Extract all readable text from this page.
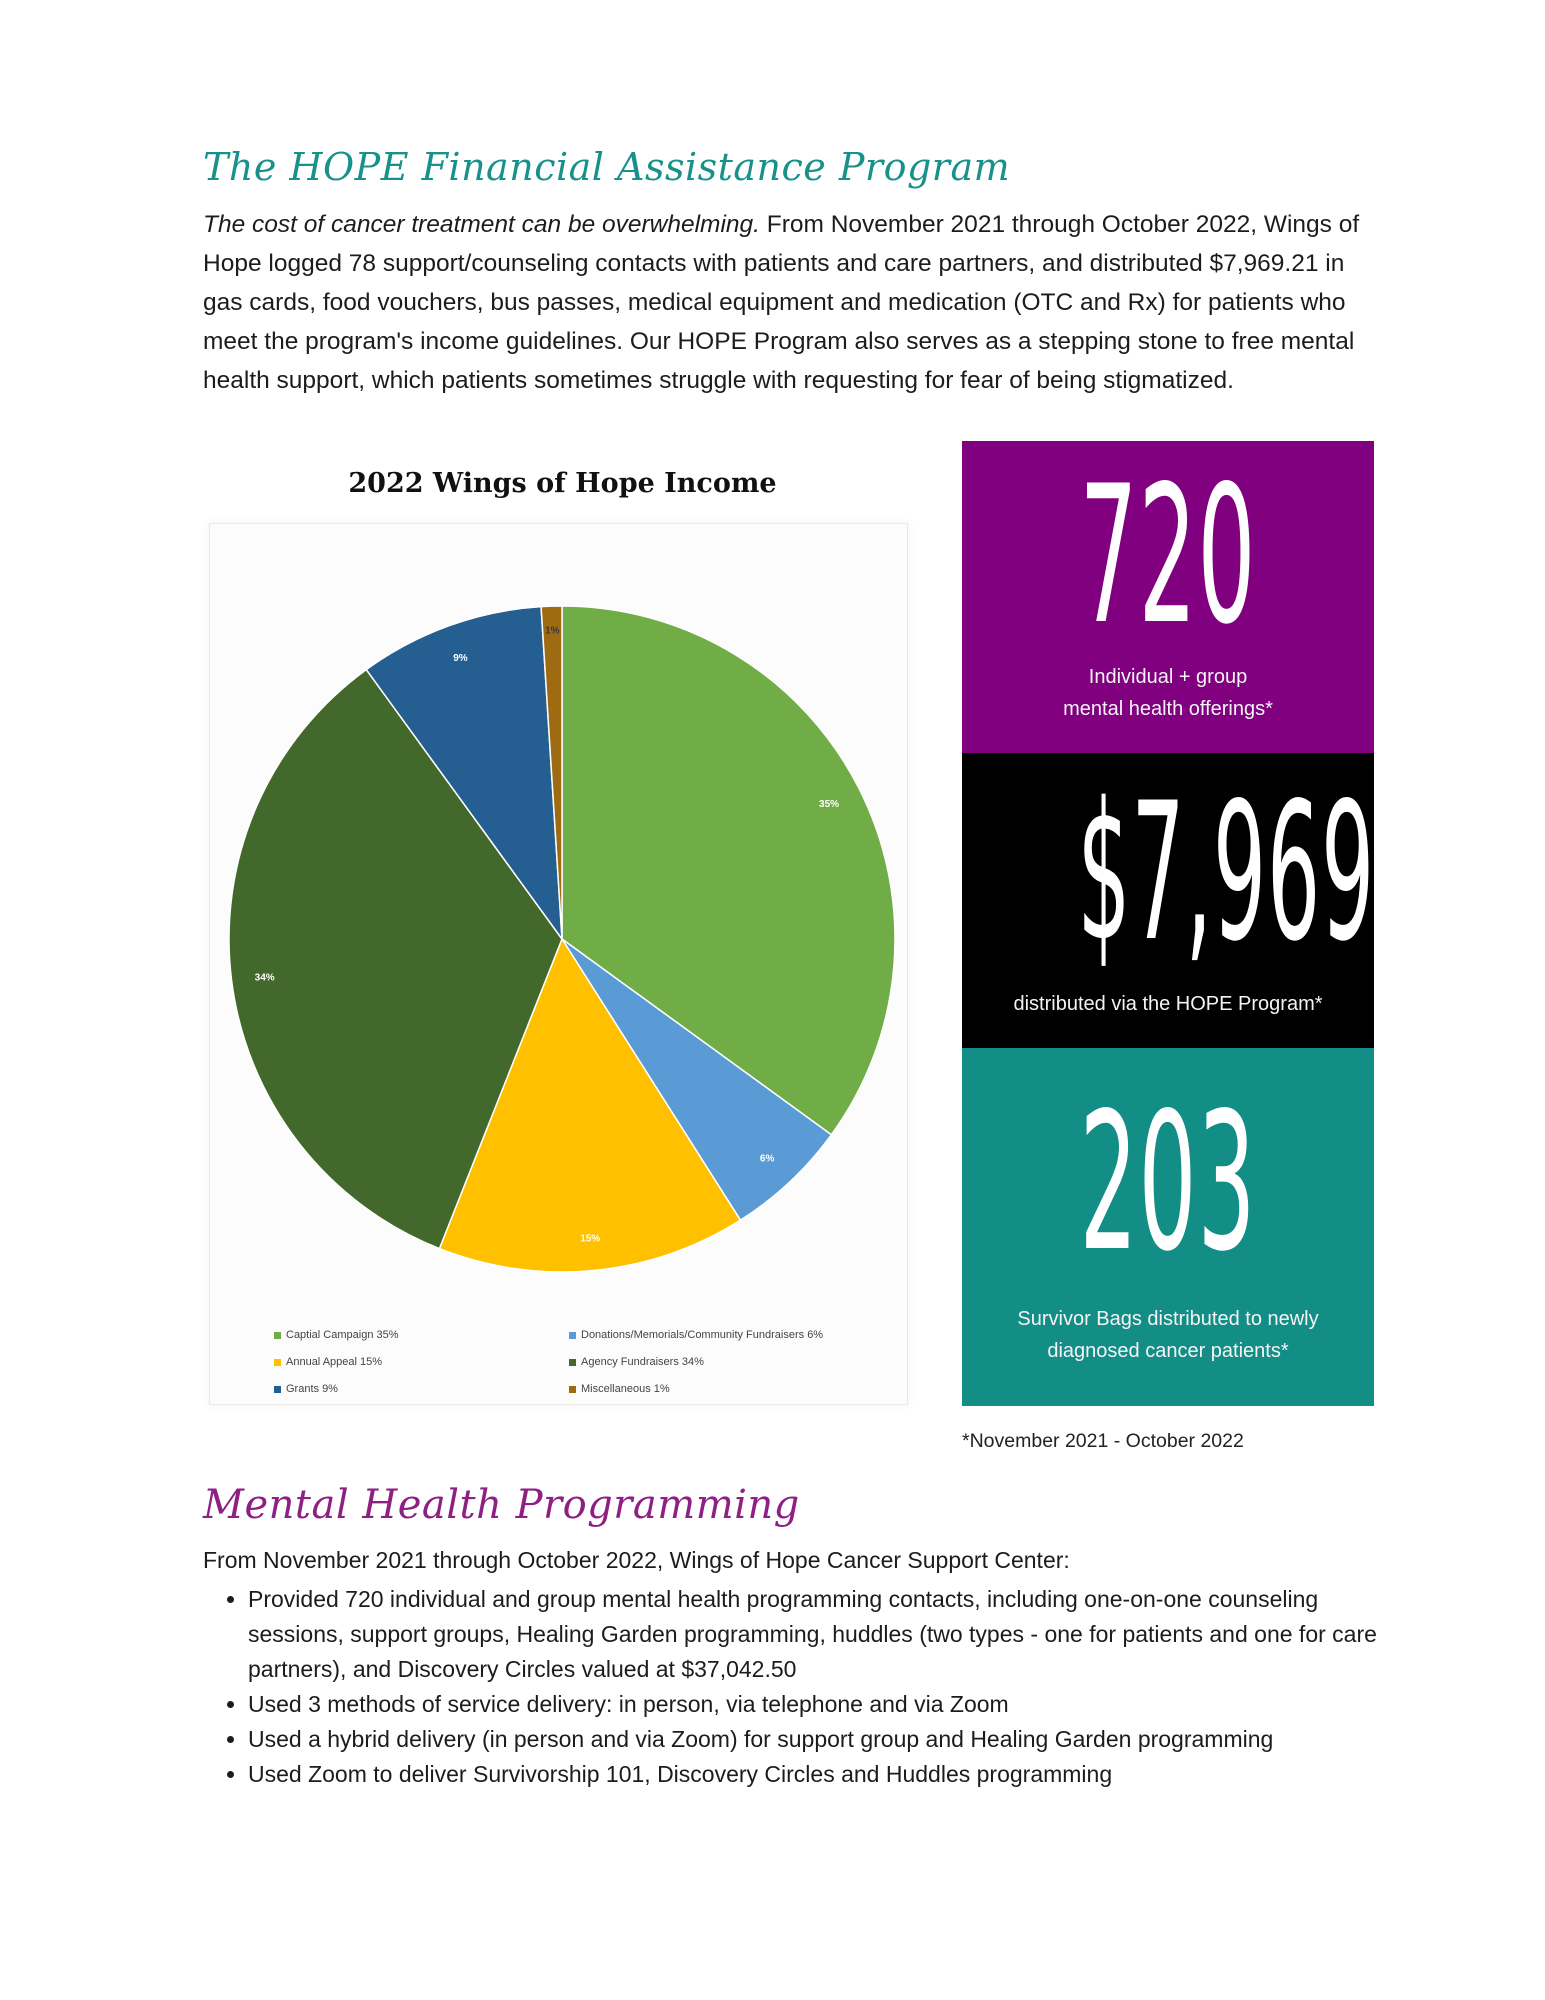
The HOPE Financial Assistance Program

The cost of cancer treatment can be overwhelming. From November 2021 through October 2022, Wings of Hope logged 78 support/counseling contacts with patients and care partners, and distributed $7,969.21 in gas cards, food vouchers, bus passes, medical equipment and medication (OTC and Rx) for patients who meet the program's income guidelines. Our HOPE Program also serves as a stepping stone to free mental health support, which patients sometimes struggle with requesting for fear of being stigmatized.

2022 Wings of Hope Income
35%
6%
15%
34%
9%
1%
Captial Campaign 35%	Donations/Memorials/Community Fundraisers 6%
Annual Appeal 15%	Agency Fundraisers 34%
Grants 9%	Miscellaneous 1%
720
Individual + group
mental health offerings*
$7,969
distributed via the HOPE Program*
203
Survivor Bags distributed to newly
diagnosed cancer patients*
*November 2021 - October 2022
Mental Health Programming
From November 2021 through October 2022, Wings of Hope Cancer Support Center:
• Provided 720 individual and group mental health programming contacts, including one-on-one counseling sessions, support groups, Healing Garden programming, huddles (two types - one for patients and one for care partners), and Discovery Circles valued at $37,042.50
• Used 3 methods of service delivery: in person, via telephone and via Zoom
• Used a hybrid delivery (in person and via Zoom) for support group and Healing Garden programming
• Used Zoom to deliver Survivorship 101, Discovery Circles and Huddles programming
